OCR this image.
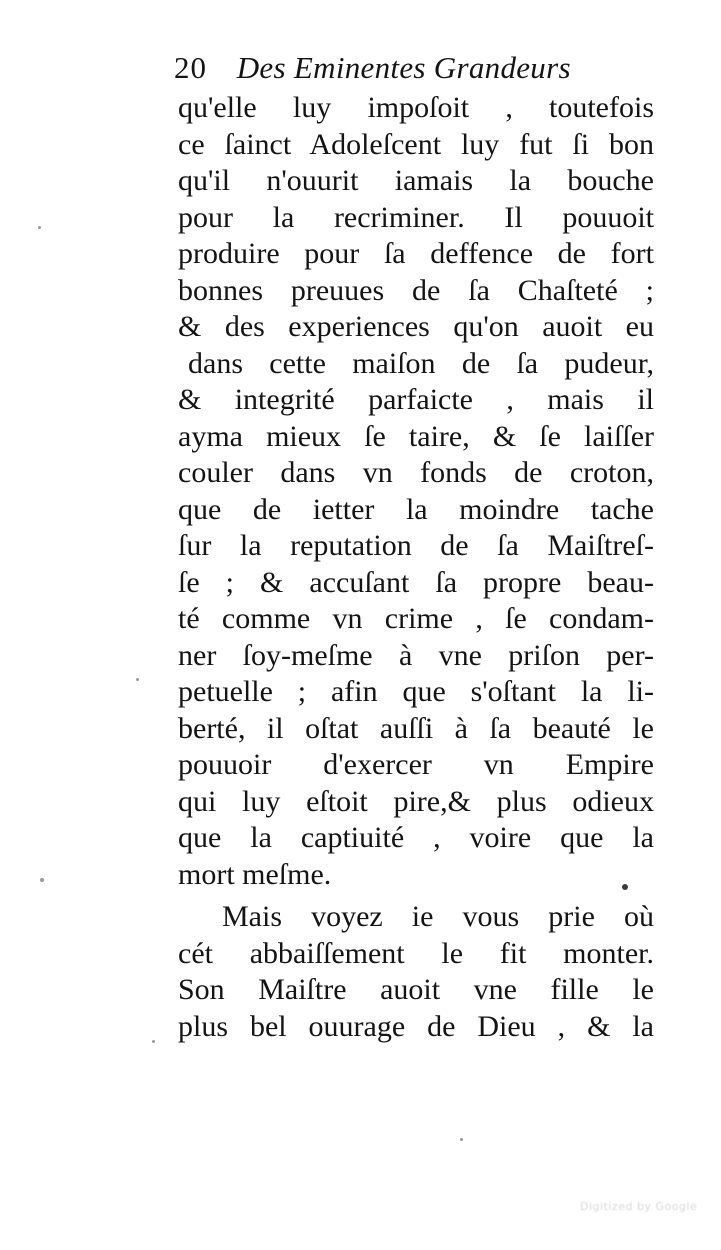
20 Des Eminentes Grandeurs
qu'elle luy impoſoit , toutefois
ce ſainct Adoleſcent luy fut ſi bon
qu'il n'ouurit iamais la bouche
pour la recriminer. Il pouuoit
produire pour ſa deffence de fort
bonnes preuues de ſa Chaſteté ;
& des experiences qu'on auoit eu
dans cette maiſon de ſa pudeur,
& integrité parfaicte , mais il
ayma mieux ſe taire, & ſe laiſſer
couler dans vn fonds de croton,
que de ietter la moindre tache
ſur la reputation de ſa Maiſtreſ-
ſe ; & accuſant ſa propre beau-
té comme vn crime , ſe condam-
ner ſoy-meſme à vne priſon per-
petuelle ; afin que s'oſtant la li-
berté, il oſtat auſſi à ſa beauté le
pouuoir d'exercer vn Empire
qui luy eſtoit pire,& plus odieux
que la captiuité , voire que la
mort meſme.
Mais voyez ie vous prie où
cét abbaiſſement le fit monter.
Son Maiſtre auoit vne fille le
plus bel ouurage de Dieu , & la
Digitized by Google
